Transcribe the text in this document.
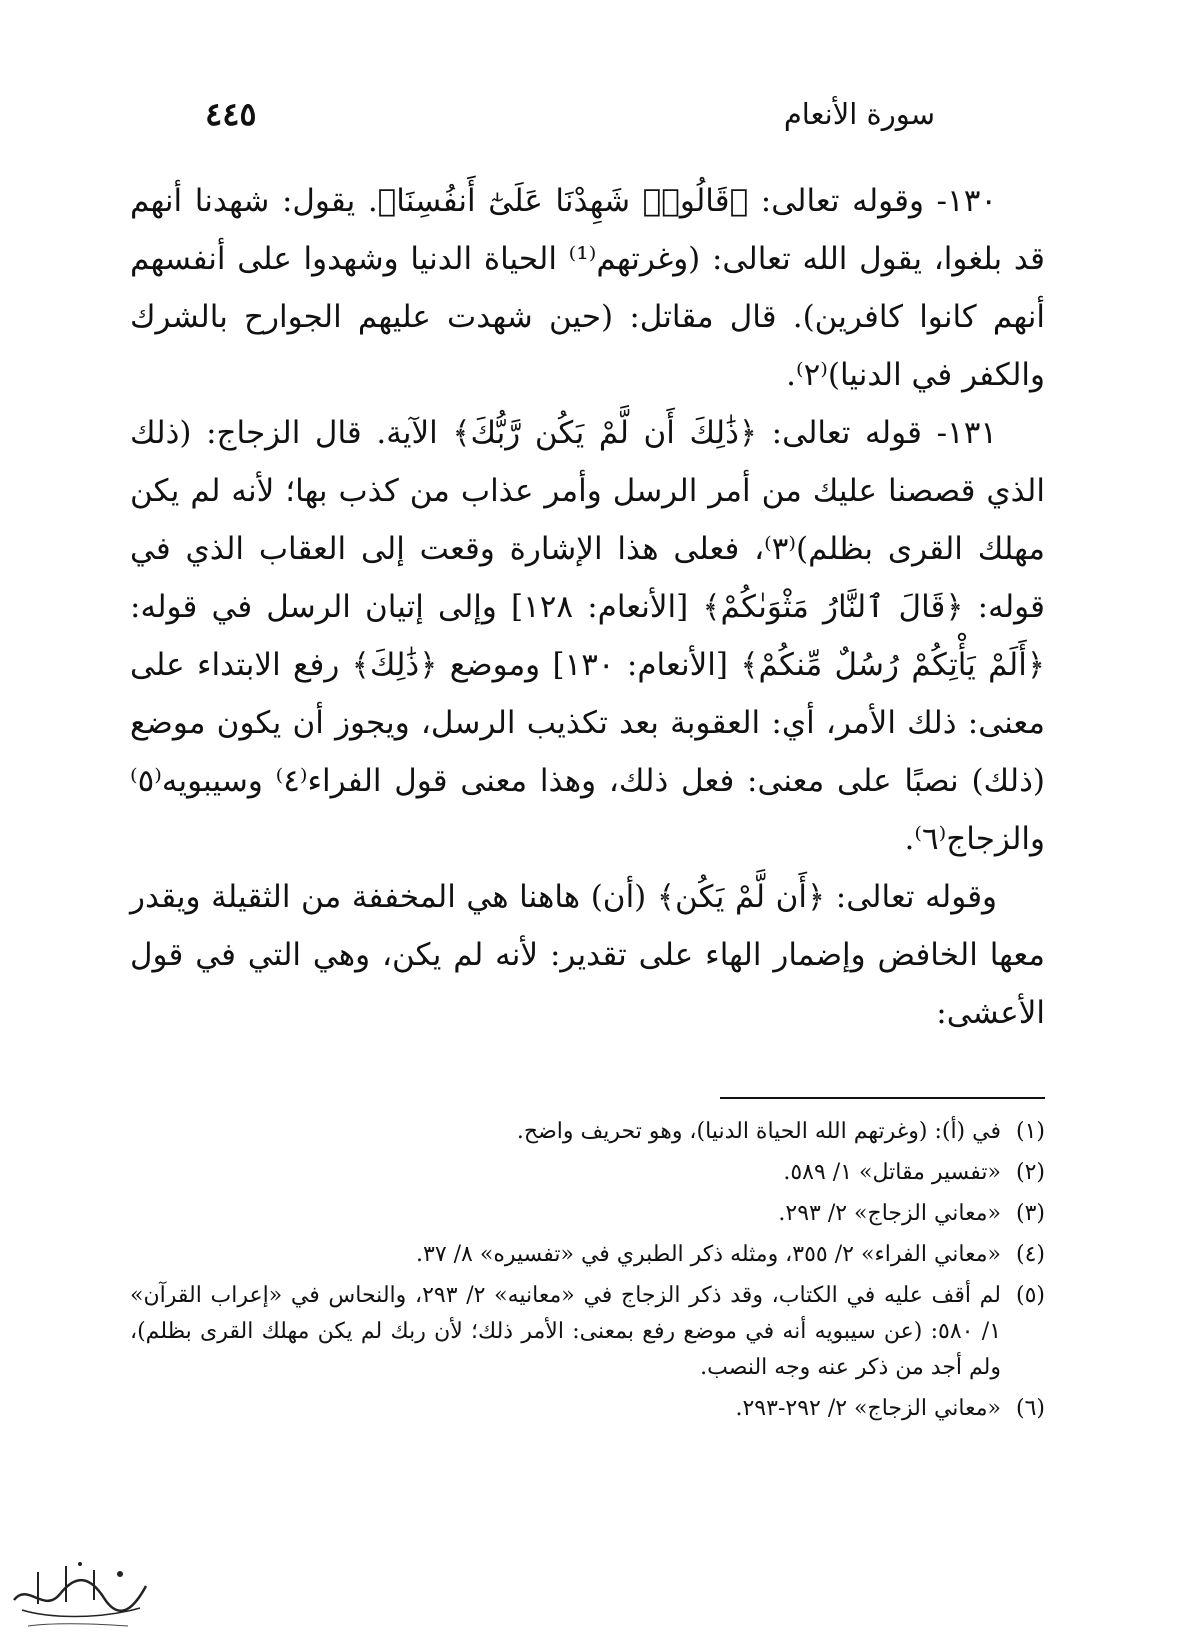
سورة الأنعام
٤٤٥

١٣٠- وقوله تعالى: ﴿قَالُوا۟ شَهِدْنَا عَلَىٰٓ أَنفُسِنَا﴾. يقول: شهدنا أنهم قد بلغوا، يقول الله تعالى: (وغرتهم⁽¹⁾ الحياة الدنيا وشهدوا على أنفسهم أنهم كانوا كافرين). قال مقاتل: (حين شهدت عليهم الجوارح بالشرك والكفر في الدنيا)⁽٢⁾.

١٣١- قوله تعالى: ﴿ذَٰلِكَ أَن لَّمْ يَكُن رَّبُّكَ﴾ الآية. قال الزجاج: (ذلك الذي قصصنا عليك من أمر الرسل وأمر عذاب من كذب بها؛ لأنه لم يكن مهلك القرى بظلم)⁽٣⁾، فعلى هذا الإشارة وقعت إلى العقاب الذي في قوله: ﴿قَالَ ٱلنَّارُ مَثْوَىٰكُمْ﴾ [الأنعام: ١٢٨] وإلى إتيان الرسل في قوله: ﴿أَلَمْ يَأْتِكُمْ رُسُلٌ مِّنكُمْ﴾ [الأنعام: ١٣٠] وموضع ﴿ذَٰلِكَ﴾ رفع الابتداء على معنى: ذلك الأمر، أي: العقوبة بعد تكذيب الرسل، ويجوز أن يكون موضع (ذلك) نصبًا على معنى: فعل ذلك، وهذا معنى قول الفراء⁽٤⁾ وسيبويه⁽٥⁾ والزجاج⁽٦⁾.

وقوله تعالى: ﴿أَن لَّمْ يَكُن﴾ (أن) هاهنا هي المخففة من الثقيلة ويقدر معها الخافض وإضمار الهاء على تقدير: لأنه لم يكن، وهي التي في قول الأعشى:

(١)
في (أ): (وغرتهم الله الحياة الدنيا)، وهو تحريف واضح.
(٢)
«تفسير مقاتل» ١/ ٥٨٩.
(٣)
«معاني الزجاج» ٢/ ٢٩٣.
(٤)
«معاني الفراء» ٢/ ٣٥٥، ومثله ذكر الطبري في «تفسيره» ٨/ ٣٧.
(٥)
لم أقف عليه في الكتاب، وقد ذكر الزجاج في «معانيه» ٢/ ٢٩٣، والنحاس في «إعراب القرآن» ١/ ٥٨٠: (عن سيبويه أنه في موضع رفع بمعنى: الأمر ذلك؛ لأن ربك لم يكن مهلك القرى بظلم)، ولم أجد من ذكر عنه وجه النصب.
(٦)
«معاني الزجاج» ٢/ ٢٩٢-٢٩٣.
